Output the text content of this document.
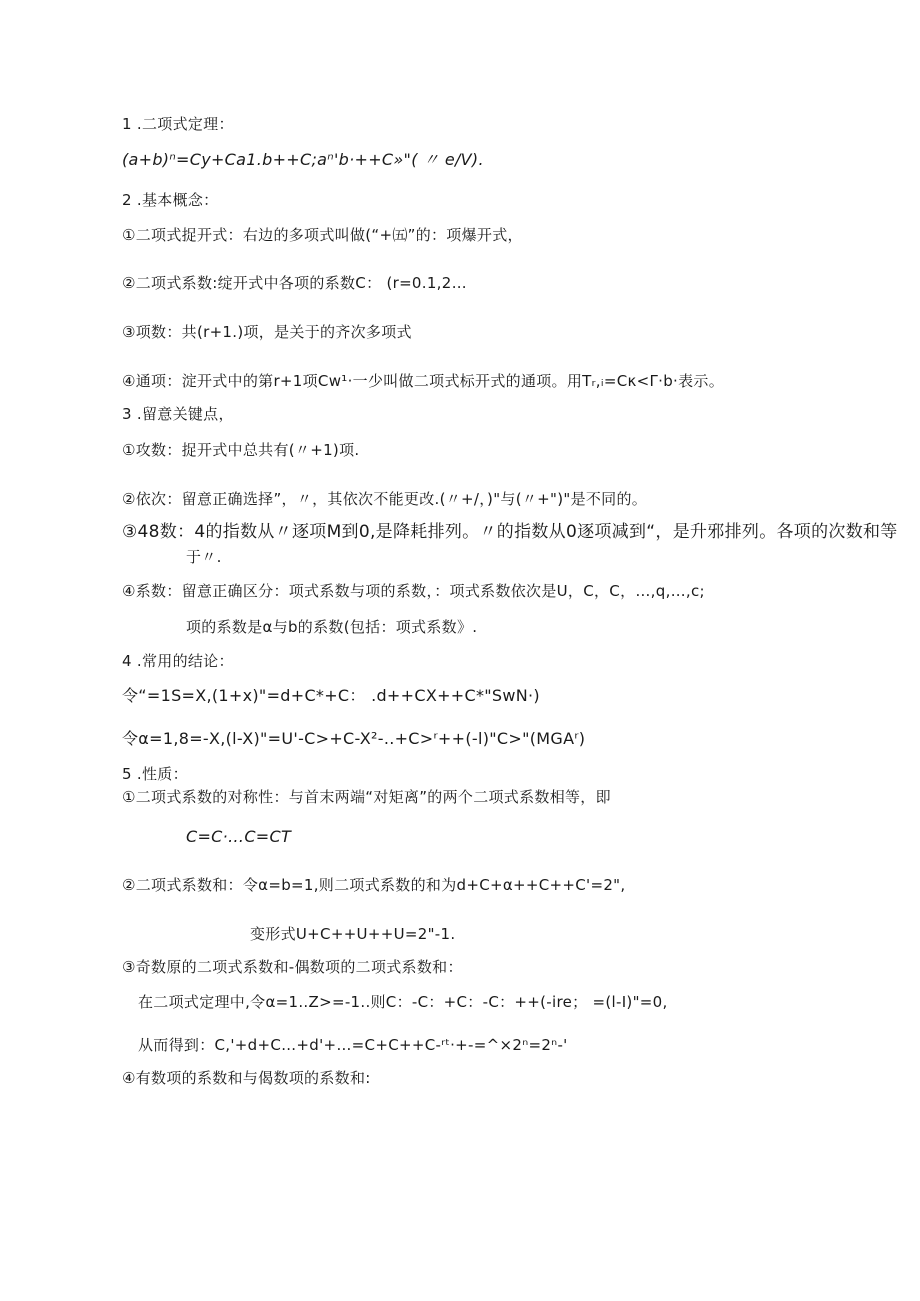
1 .二项式定理：
(a+b)ⁿ=Cy+Ca1.b++C;aⁿ'b·++C»"( 〃 e/V).
2 .基本概念：
①二项式捉开式：右边的多项式叫做(“+㈤”的：项爆开式，
②二项式系数:绽开式中各项的系数C： (r=0.1,2…
③项数：共(r+1.)项，是关于的齐次多项式
④通项：淀开式中的第r+1项Cw¹·一少叫做二项式标开式的通项。用Tᵣ,ᵢ=Cκ<Γ·b·表示。
3 .留意关键点，
①攻数：捉开式中总共有(〃+1)项.
②依次：留意正确选择”，〃，其依次不能更改.(〃+/，)"与(〃+")"是不同的。
③48数：4的指数从〃逐项M到0,是降耗排列。〃的指数从0逐项减到“，是升邪排列。各项的次数和等
于〃.
④系数：留意正确区分：项式系数与项的系数，：项式系数依次是U，C，C，…,q,…,c;
项的系数是α与b的系数(包括：项式系数》.
4 .常用的结论：
令“=1S=X,(1+x)"=d+C*+C： .d++CX++C*"SwN·)
令α=1,8=-X,(l-X)"=U'-C>+C-X²-..+C>ʳ++(-l)"C>"(MGAʳ)
5 .性质：
①二项式系数的对称性：与首末两端“对矩离”的两个二项式系数相等，即
C=C·…C=CT
②二项式系数和：令α=b=1,则二项式系数的和为d+C+α++C++C'=2",
变形式U+C++U++U=2"-1.
③奇数原的二项式系数和-偶数项的二项式系数和：
在二项式定理中,令α=1..Z>=-1..则C：-C：+C：-C：++(-ire； =(l-I)"=0,
从而得到：C,'+d+C…+d'+…=C+C++C-ʳᵗ·+-=^×2ⁿ=2ⁿ-'
④有数项的系数和与偈数项的系数和:
